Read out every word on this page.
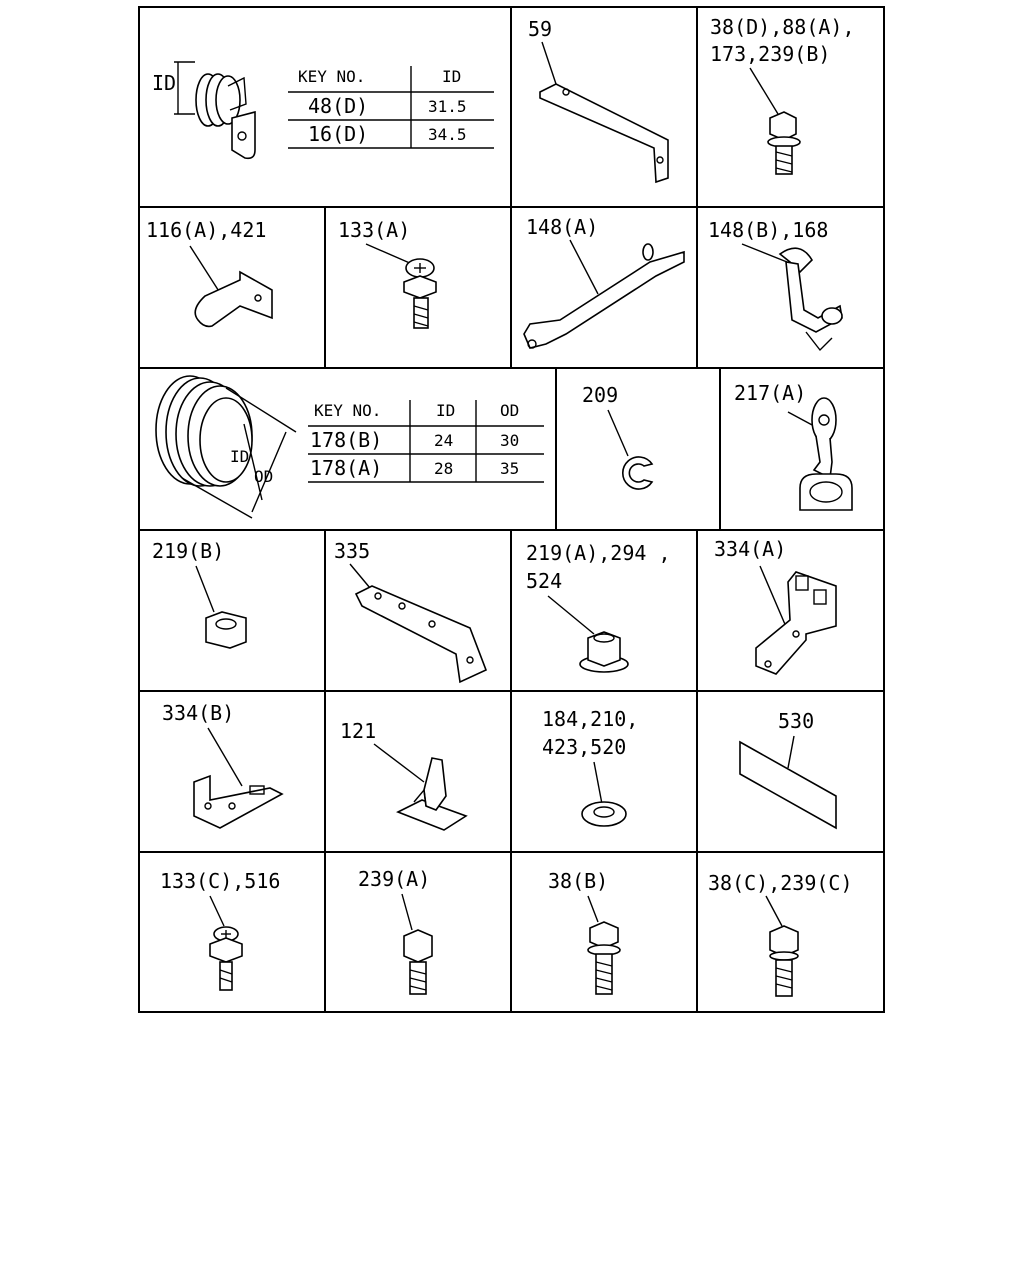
ID	KEY NO.	ID
48(D)	31.5
16(D)	34.5
59	38(D),88(A),
173,239(B)
116(A),421	133(A)	148(A)	148(B),168
ID
OD
KEY NO.	ID	OD
178(B)	24	30
178(A)	28	35
209	217(A)
219(B)	335	219(A),294 ,
524
334(A)
334(B)
121	184,210,
423,520
530
133(C),516	239(A)	38(B)	38(C),239(C)
